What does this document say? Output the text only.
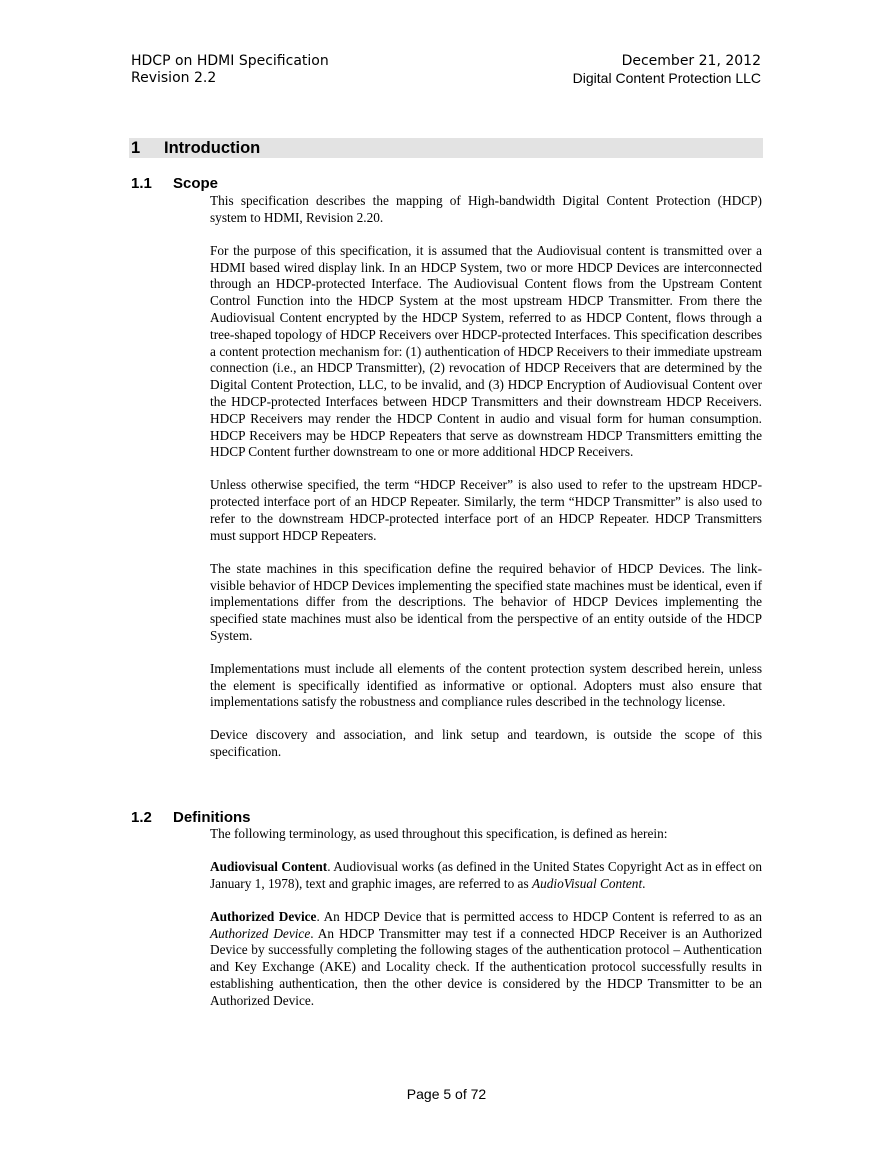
HDCP on HDMI Specification
Revision 2.2
December 21, 2012
Digital Content Protection LLC
1 Introduction
1.1 Scope

This specification describes the mapping of High-bandwidth Digital Content Protection (HDCP) system to HDMI, Revision 2.20.

For the purpose of this specification, it is assumed that the Audiovisual content is transmitted over a HDMI based wired display link. In an HDCP System, two or more HDCP Devices are interconnected through an HDCP-protected Interface. The Audiovisual Content flows from the Upstream Content Control Function into the HDCP System at the most upstream HDCP Transmitter. From there the Audiovisual Content encrypted by the HDCP System, referred to as HDCP Content, flows through a tree-shaped topology of HDCP Receivers over HDCP-protected Interfaces. This specification describes a content protection mechanism for: (1) authentication of HDCP Receivers to their immediate upstream connection (i.e., an HDCP Transmitter), (2) revocation of HDCP Receivers that are determined by the Digital Content Protection, LLC, to be invalid, and (3) HDCP Encryption of Audiovisual Content over the HDCP-protected Interfaces between HDCP Transmitters and their downstream HDCP Receivers. HDCP Receivers may render the HDCP Content in audio and visual form for human consumption. HDCP Receivers may be HDCP Repeaters that serve as downstream HDCP Transmitters emitting the HDCP Content further downstream to one or more additional HDCP Receivers.

Unless otherwise specified, the term “HDCP Receiver” is also used to refer to the upstream HDCP-protected interface port of an HDCP Repeater. Similarly, the term “HDCP Transmitter” is also used to refer to the downstream HDCP-protected interface port of an HDCP Repeater. HDCP Transmitters must support HDCP Repeaters.

The state machines in this specification define the required behavior of HDCP Devices. The link-visible behavior of HDCP Devices implementing the specified state machines must be identical, even if implementations differ from the descriptions. The behavior of HDCP Devices implementing the specified state machines must also be identical from the perspective of an entity outside of the HDCP System.

Implementations must include all elements of the content protection system described herein, unless the element is specifically identified as informative or optional. Adopters must also ensure that implementations satisfy the robustness and compliance rules described in the technology license.

Device discovery and association, and link setup and teardown, is outside the scope of this specification.

1.2 Definitions

The following terminology, as used throughout this specification, is defined as herein:

Audiovisual Content. Audiovisual works (as defined in the United States Copyright Act as in effect on January 1, 1978), text and graphic images, are referred to as AudioVisual Content.

Authorized Device. An HDCP Device that is permitted access to HDCP Content is referred to as an Authorized Device. An HDCP Transmitter may test if a connected HDCP Receiver is an Authorized Device by successfully completing the following stages of the authentication protocol – Authentication and Key Exchange (AKE) and Locality check. If the authentication protocol successfully results in establishing authentication, then the other device is considered by the HDCP Transmitter to be an Authorized Device.

Page 5 of 72
